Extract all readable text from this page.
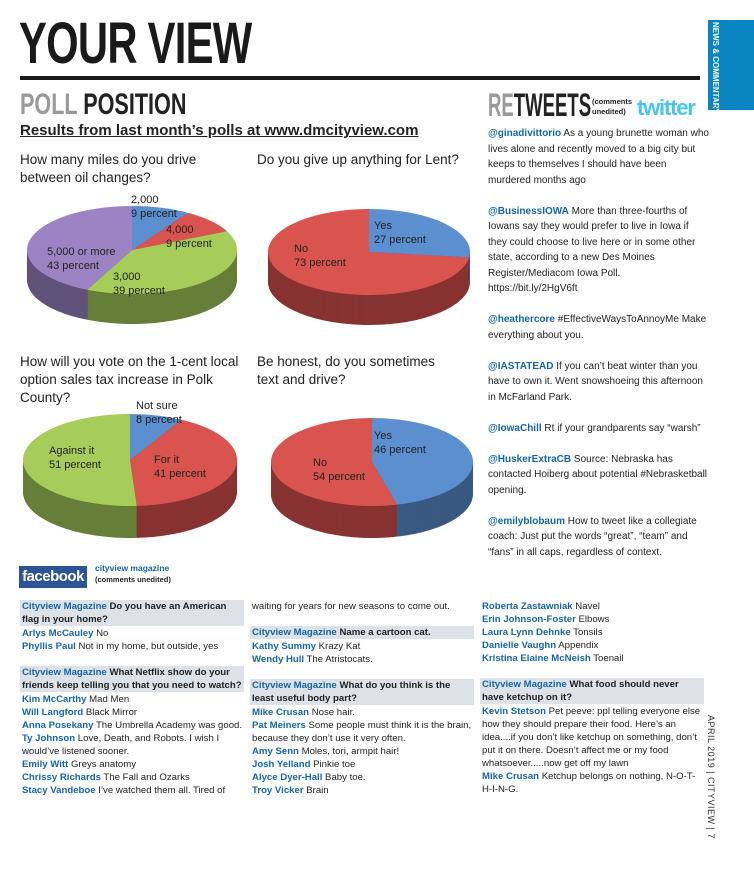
YOUR VIEW	NEWS & COMMENTARY
POLL POSITION
Results from last month’s polls at www.dmcityview.com
How many miles do you drive between oil changes?
Do you give up anything for Lent?
How will you vote on the 1-cent local option sales tax increase in Polk County?
Be honest, do you sometimes text and drive?
2,000
9 percent
4,000
9 percent
3,000
39 percent
5,000 or more
43 percent
Yes
27 percent
No
73 percent
Not sure
8 percent
For it
41 percent
Against it
51 percent
Yes
46 percent
No
54 percent
RETWEETS (comments unedited) twitter
@ginadivittorio As a young brunette woman who lives alone and recently moved to a big city but keeps to themselves I should have been murdered months ago
@BusinessIOWA More than three-fourths of Iowans say they would prefer to live in Iowa if they could choose to live here or in some other state, according to a new Des Moines Register/Mediacom Iowa Poll. https://bit.ly/2HgV6ft
@heathercore #EffectiveWaysToAnnoyMe Make everything about you.
@IASTATEAD If you can’t beat winter than you have to own it. Went snowshoeing this afternoon in McFarland Park.
@IowaChill Rt if your grandparents say “warsh”
@HuskerExtraCB Source: Nebraska has contacted Hoiberg about potential #Nebrasketball opening.
@emilyblobaum How to tweet like a collegiate coach: Just put the words “great”, “team” and “fans” in all caps, regardless of context.
facebook	cityview magazine
(comments unedited)
Cityview Magazine Do you have an American flag in your home?
Arlys McCauley No
Phyllis Paul Not in my home, but outside, yes
Cityview Magazine What Netflix show do your friends keep telling you that you need to watch?
Kim McCarthy Mad Men
Will Langford Black Mirror
Anna Posekany The Umbrella Academy was good.
Ty Johnson Love, Death, and Robots. I wish I would’ve listened sooner.
Emily Witt Greys anatomy
Chrissy Richards The Fall and Ozarks
Stacy Vandeboe I’ve watched them all. Tired of
waiting for years for new seasons to come out.
Cityview Magazine Name a cartoon cat.
Kathy Summy Krazy Kat
Wendy Hull The Atristocats.
Cityview Magazine What do you think is the least useful body part?
Mike Crusan Nose hair.
Pat Meiners Some people must think it is the brain, because they don’t use it very often.
Amy Senn Moles, tori, armpit hair!
Josh Yelland Pinkie toe
Alyce Dyer-Hall Baby toe.
Troy Vicker Brain
Roberta Zastawniak Navel
Erin Johnson-Foster Elbows
Laura Lynn Dehnke Tonsils
Danielle Vaughn Appendix
Kristina Elaine McNeish Toenail
Cityview Magazine What food should never have ketchup on it?
Kevin Stetson Pet peeve: ppl telling everyone else how they should prepare their food. Here’s an idea....if you don’t like ketchup on something, don’t put it on there. Doesn’t affect me or my food whatsoever.....now get off my lawn
Mike Crusan Ketchup belongs on nothing, N-O-T-H-I-N-G.	APRIL 2019 | CITYVIEW | 7
